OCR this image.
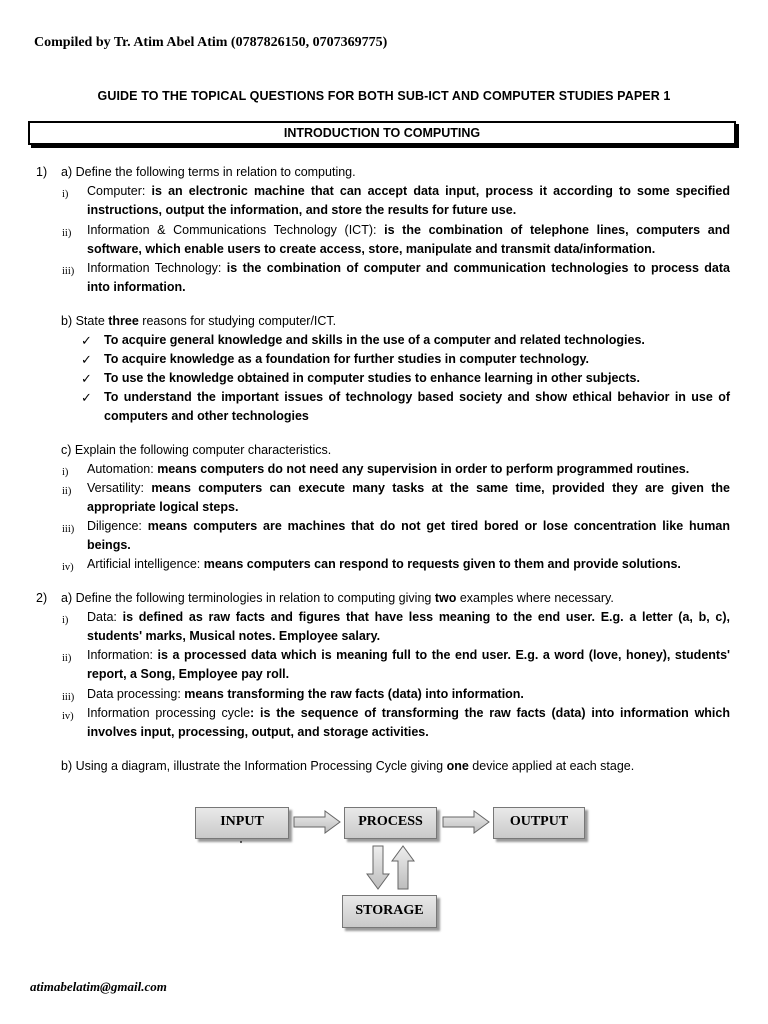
Compiled by Tr. Atim Abel Atim (0787826150, 0707369775)
GUIDE TO THE TOPICAL QUESTIONS FOR BOTH SUB-ICT AND COMPUTER STUDIES PAPER 1
INTRODUCTION TO COMPUTING
1) a) Define the following terms in relation to computing.
i) Computer: is an electronic machine that can accept data input, process it according to some specified
instructions, output the information, and store the results for future use.
ii) Information & Communications Technology (ICT): is the combination of telephone lines, computers and
software, which enable users to create access, store, manipulate and transmit data/information.
iii) Information Technology: is the combination of computer and communication technologies to process data
into information.
b) State three reasons for studying computer/ICT.
✓ To acquire general knowledge and skills in the use of a computer and related technologies.
✓ To acquire knowledge as a foundation for further studies in computer technology.
✓ To use the knowledge obtained in computer studies to enhance learning in other subjects.
✓ To understand the important issues of technology based society and show ethical behavior in use of
computers and other technologies
c) Explain the following computer characteristics.
i) Automation: means computers do not need any supervision in order to perform programmed routines.
ii) Versatility: means computers can execute many tasks at the same time, provided they are given the
appropriate logical steps.
iii) Diligence: means computers are machines that do not get tired bored or lose concentration like human
beings.
iv) Artificial intelligence: means computers can respond to requests given to them and provide solutions.
2) a) Define the following terminologies in relation to computing giving two examples where necessary.
i) Data: is defined as raw facts and figures that have less meaning to the end user. E.g. a letter (a, b, c),
students' marks, Musical notes. Employee salary.
ii) Information: is a processed data which is meaning full to the end user. E.g. a word (love, honey), students'
report, a Song, Employee pay roll.
iii) Data processing: means transforming the raw facts (data) into information.
iv) Information processing cycle: is the sequence of transforming the raw facts (data) into information which
involves input, processing, output, and storage activities.
b) Using a diagram, illustrate the Information Processing Cycle giving one device applied at each stage.
INPUT	PROCESS	OUTPUT
STORAGE
atimabelatim@gmail.com
